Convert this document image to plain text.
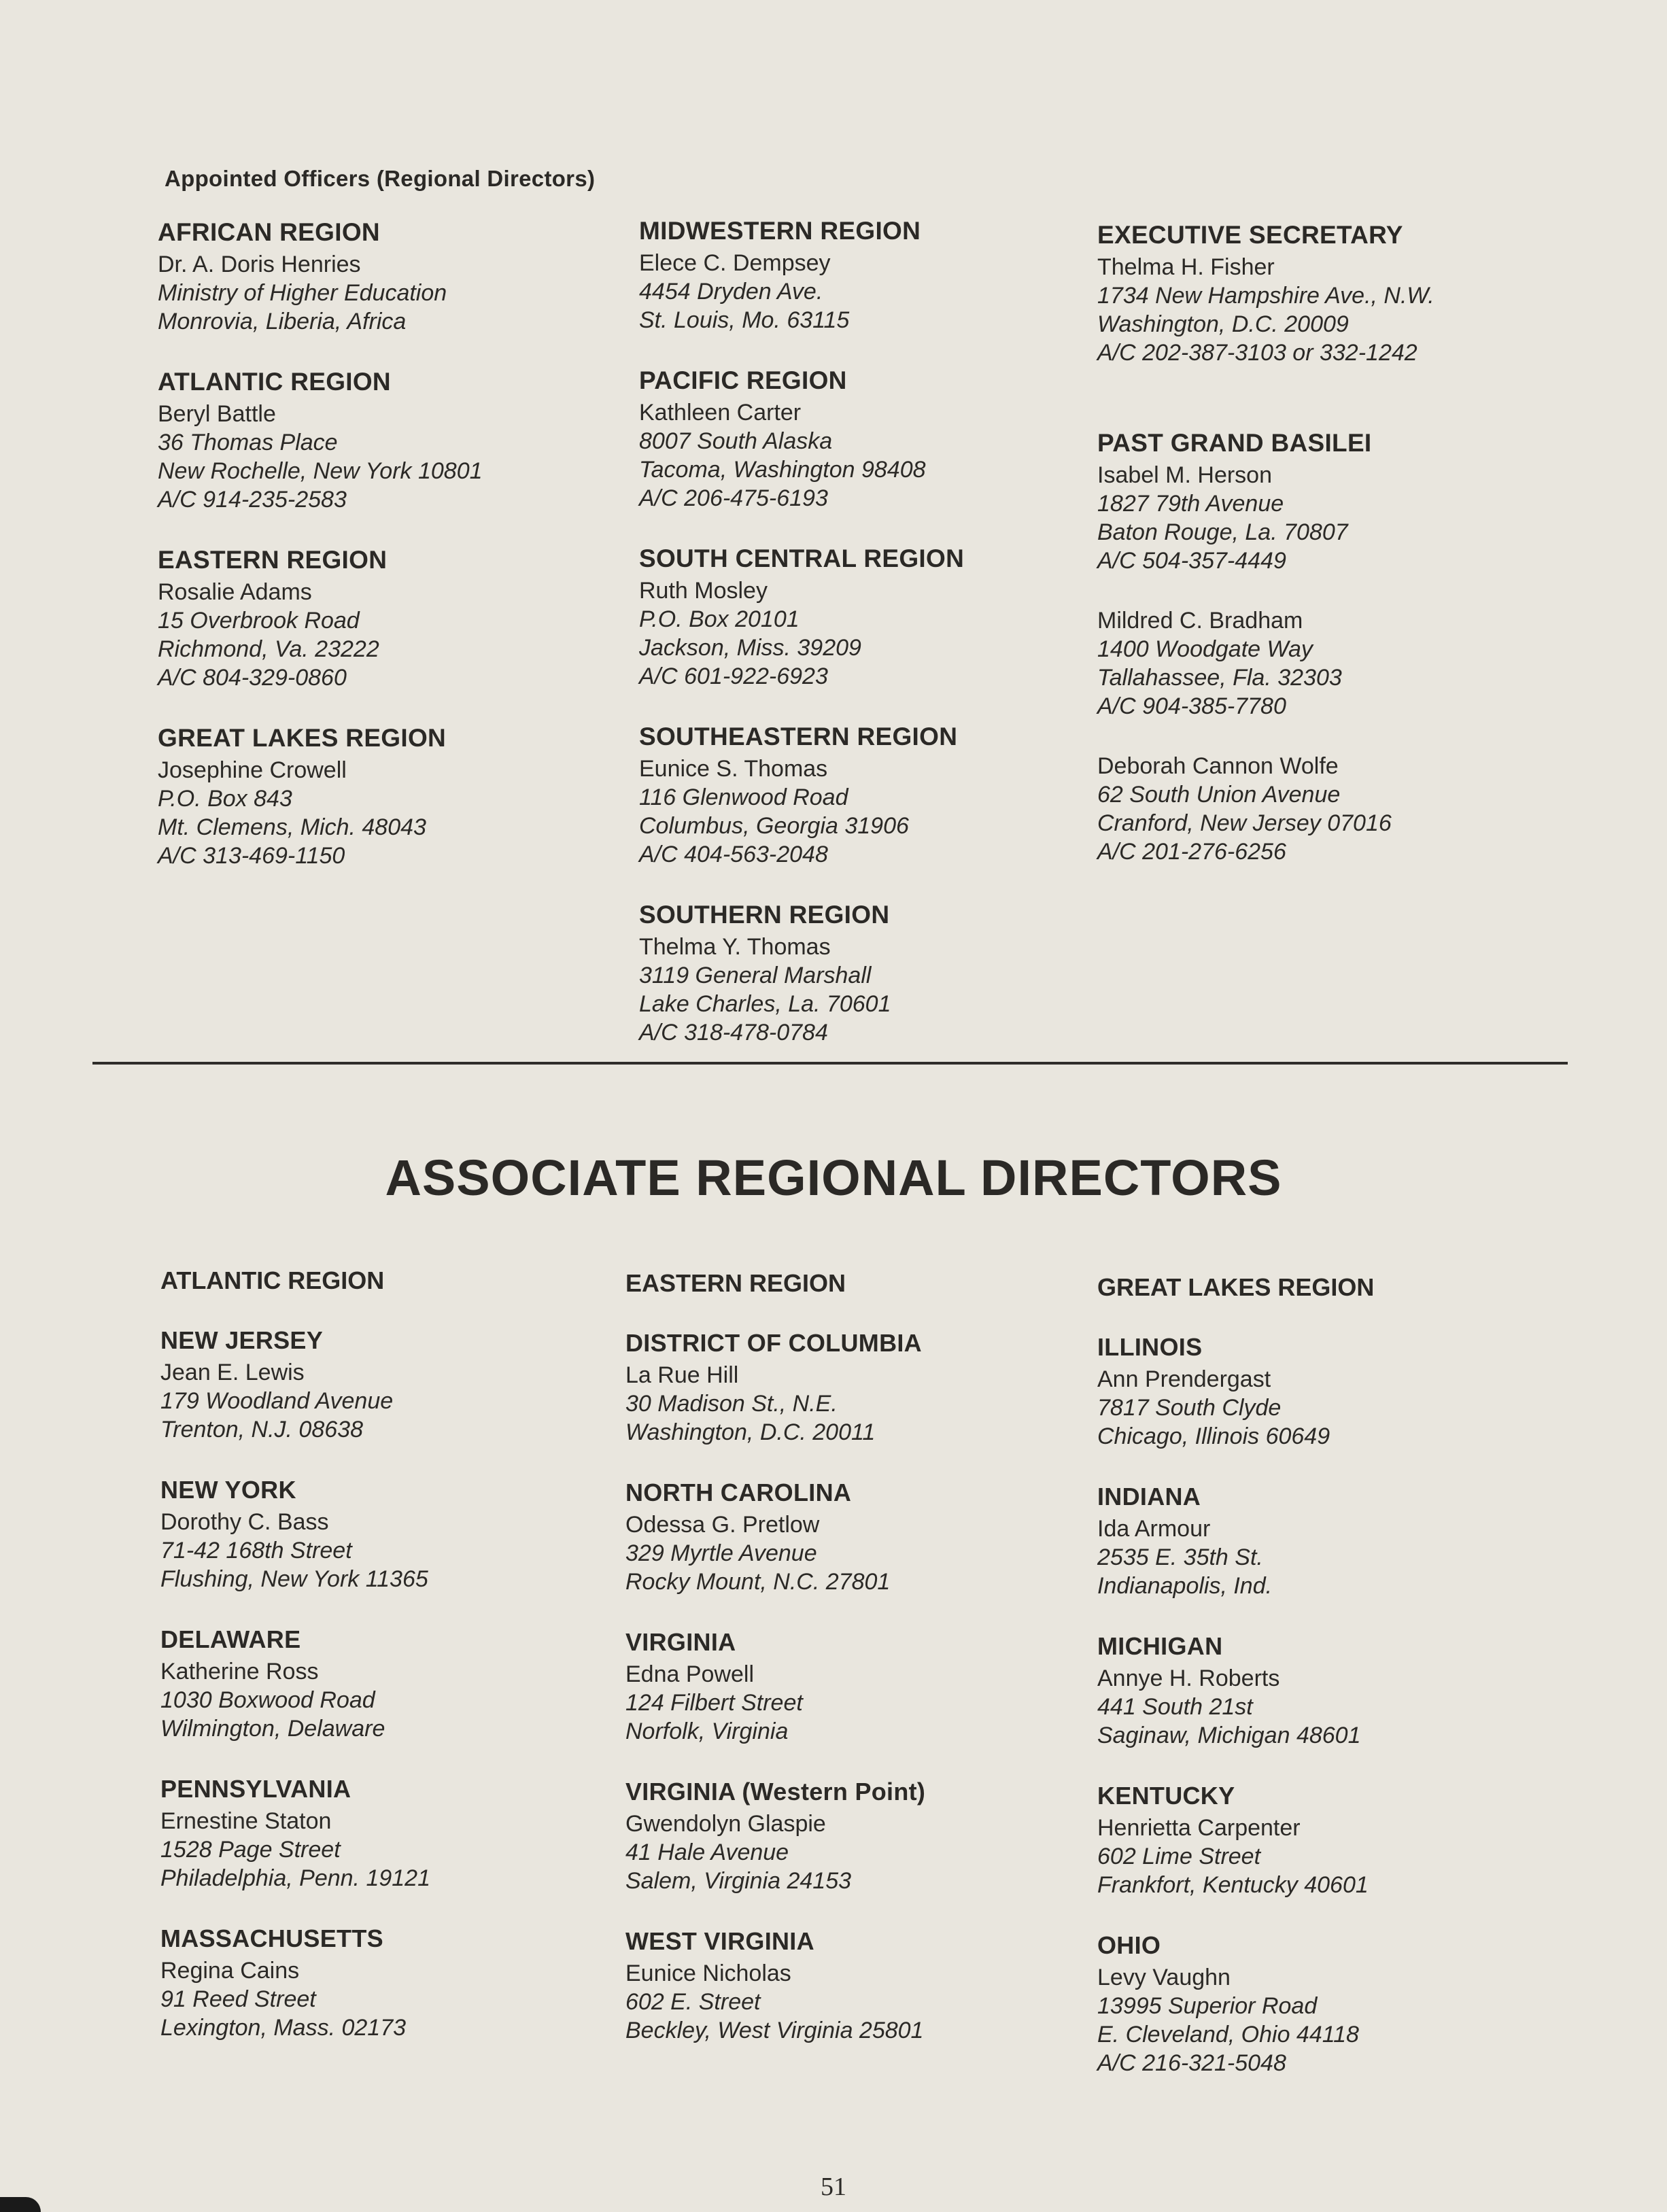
Appointed Officers (Regional Directors)
AFRICAN REGION
Dr. A. Doris Henries
Ministry of Higher Education
Monrovia, Liberia, Africa
ATLANTIC REGION
Beryl Battle
36 Thomas Place
New Rochelle, New York 10801
A/C 914-235-2583
EASTERN REGION
Rosalie Adams
15 Overbrook Road
Richmond, Va. 23222
A/C 804-329-0860
GREAT LAKES REGION
Josephine Crowell
P.O. Box 843
Mt. Clemens, Mich. 48043
A/C 313-469-1150
MIDWESTERN REGION
Elece C. Dempsey
4454 Dryden Ave.
St. Louis, Mo. 63115
PACIFIC REGION
Kathleen Carter
8007 South Alaska
Tacoma, Washington 98408
A/C 206-475-6193
SOUTH CENTRAL REGION
Ruth Mosley
P.O. Box 20101
Jackson, Miss. 39209
A/C 601-922-6923
SOUTHEASTERN REGION
Eunice S. Thomas
116 Glenwood Road
Columbus, Georgia 31906
A/C 404-563-2048
SOUTHERN REGION
Thelma Y. Thomas
3119 General Marshall
Lake Charles, La. 70601
A/C 318-478-0784
EXECUTIVE SECRETARY
Thelma H. Fisher
1734 New Hampshire Ave., N.W.
Washington, D.C. 20009
A/C 202-387-3103 or 332-1242
PAST GRAND BASILEI
Isabel M. Herson
1827 79th Avenue
Baton Rouge, La. 70807
A/C 504-357-4449
Mildred C. Bradham
1400 Woodgate Way
Tallahassee, Fla. 32303
A/C 904-385-7780
Deborah Cannon Wolfe
62 South Union Avenue
Cranford, New Jersey 07016
A/C 201-276-6256
ASSOCIATE REGIONAL DIRECTORS
ATLANTIC REGION
NEW JERSEY
Jean E. Lewis
179 Woodland Avenue
Trenton, N.J. 08638
NEW YORK
Dorothy C. Bass
71-42 168th Street
Flushing, New York 11365
DELAWARE
Katherine Ross
1030 Boxwood Road
Wilmington, Delaware
PENNSYLVANIA
Ernestine Staton
1528 Page Street
Philadelphia, Penn. 19121
MASSACHUSETTS
Regina Cains
91 Reed Street
Lexington, Mass. 02173
EASTERN REGION
DISTRICT OF COLUMBIA
La Rue Hill
30 Madison St., N.E.
Washington, D.C. 20011
NORTH CAROLINA
Odessa G. Pretlow
329 Myrtle Avenue
Rocky Mount, N.C. 27801
VIRGINIA
Edna Powell
124 Filbert Street
Norfolk, Virginia
VIRGINIA (Western Point)
Gwendolyn Glaspie
41 Hale Avenue
Salem, Virginia 24153
WEST VIRGINIA
Eunice Nicholas
602 E. Street
Beckley, West Virginia 25801
GREAT LAKES REGION
ILLINOIS
Ann Prendergast
7817 South Clyde
Chicago, Illinois 60649
INDIANA
Ida Armour
2535 E. 35th St.
Indianapolis, Ind.
MICHIGAN
Annye H. Roberts
441 South 21st
Saginaw, Michigan 48601
KENTUCKY
Henrietta Carpenter
602 Lime Street
Frankfort, Kentucky 40601
OHIO
Levy Vaughn
13995 Superior Road
E. Cleveland, Ohio 44118
A/C 216-321-5048
51
